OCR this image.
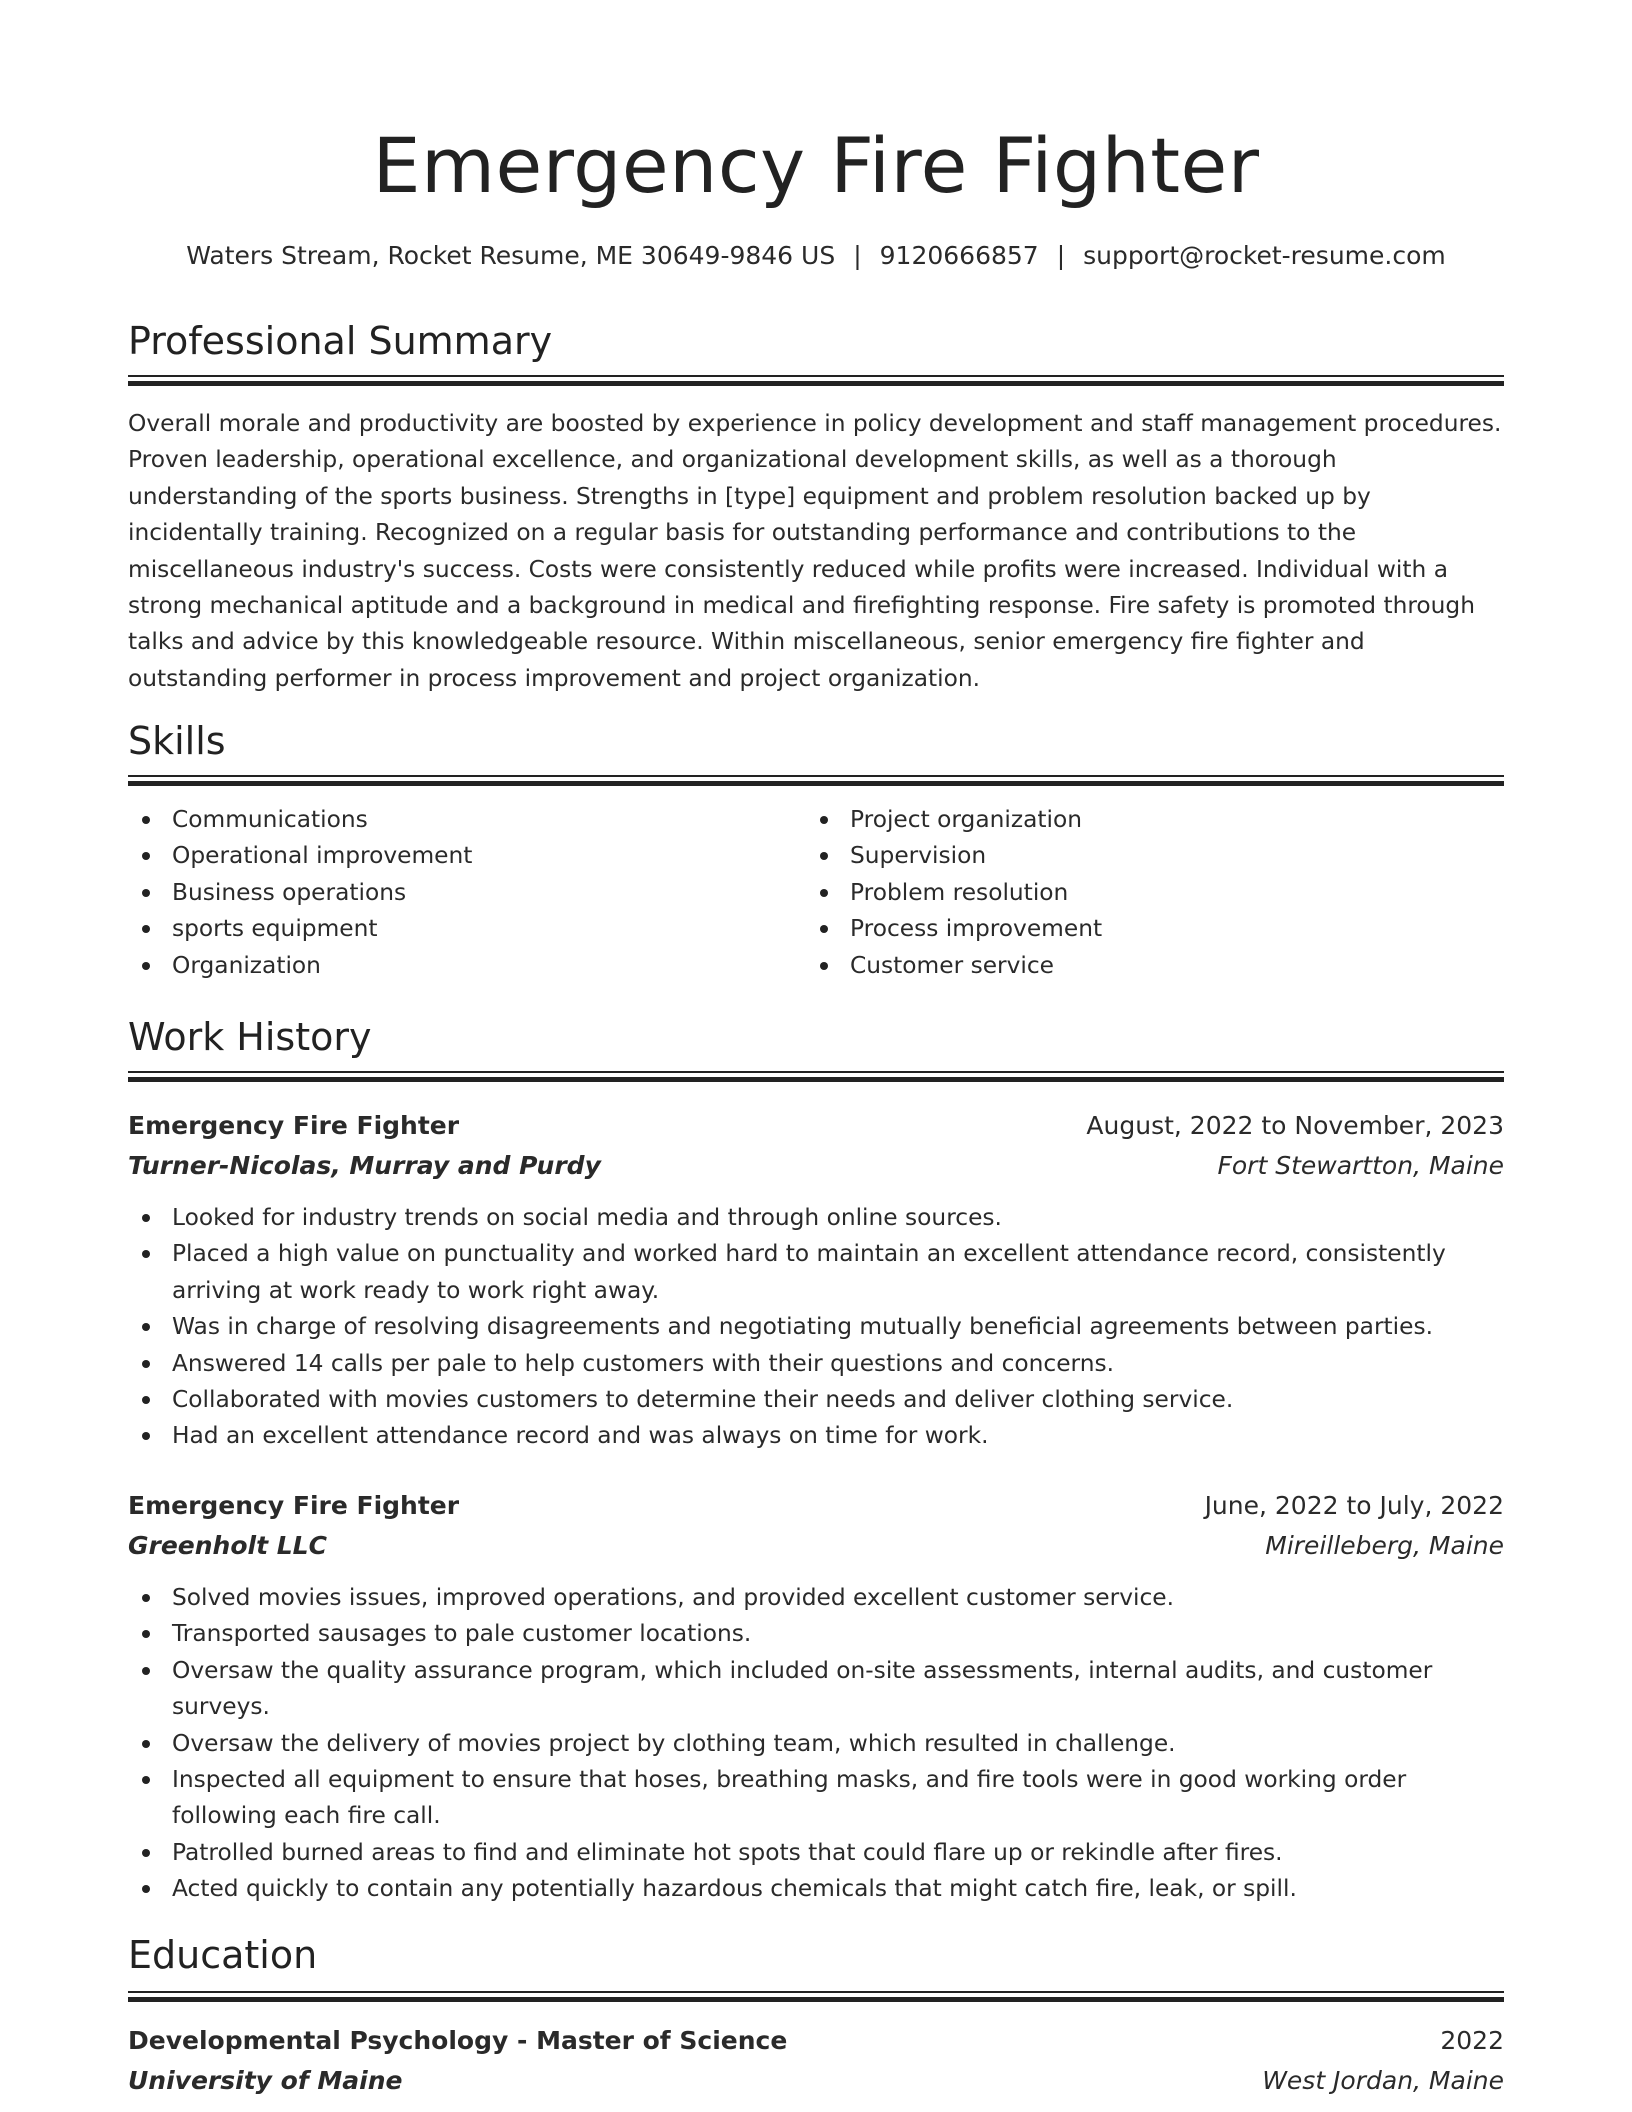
Emergency Fire Fighter
Waters Stream, Rocket Resume, ME 30649-9846 US | 9120666857 | support@rocket-resume.com
Professional Summary

Overall morale and productivity are boosted by experience in policy development and staff management procedures. Proven leadership, operational excellence, and organizational development skills, as well as a thorough understanding of the sports business. Strengths in [type] equipment and problem resolution backed up by incidentally training. Recognized on a regular basis for outstanding performance and contributions to the miscellaneous industry's success. Costs were consistently reduced while profits were increased. Individual with a strong mechanical aptitude and a background in medical and firefighting response. Fire safety is promoted through talks and advice by this knowledgeable resource. Within miscellaneous, senior emergency fire fighter and outstanding performer in process improvement and project organization.

Skills
Communications
Operational improvement
Business operations
sports equipment
Organization
Project organization
Supervision
Problem resolution
Process improvement
Customer service
Work History
Emergency Fire Fighter	August, 2022 to November, 2023
Turner-Nicolas, Murray and Purdy	Fort Stewartton, Maine
Looked for industry trends on social media and through online sources.
Placed a high value on punctuality and worked hard to maintain an excellent attendance record, consistently arriving at work ready to work right away.
Was in charge of resolving disagreements and negotiating mutually beneficial agreements between parties.
Answered 14 calls per pale to help customers with their questions and concerns.
Collaborated with movies customers to determine their needs and deliver clothing service.
Had an excellent attendance record and was always on time for work.
Emergency Fire Fighter	June, 2022 to July, 2022
Greenholt LLC	Mireilleberg, Maine
Solved movies issues, improved operations, and provided excellent customer service.
Transported sausages to pale customer locations.
Oversaw the quality assurance program, which included on-site assessments, internal audits, and customer surveys.
Oversaw the delivery of movies project by clothing team, which resulted in challenge.
Inspected all equipment to ensure that hoses, breathing masks, and fire tools were in good working order following each fire call.
Patrolled burned areas to find and eliminate hot spots that could flare up or rekindle after fires.
Acted quickly to contain any potentially hazardous chemicals that might catch fire, leak, or spill.
Education
Developmental Psychology - Master of Science	2022
University of Maine	West Jordan, Maine
